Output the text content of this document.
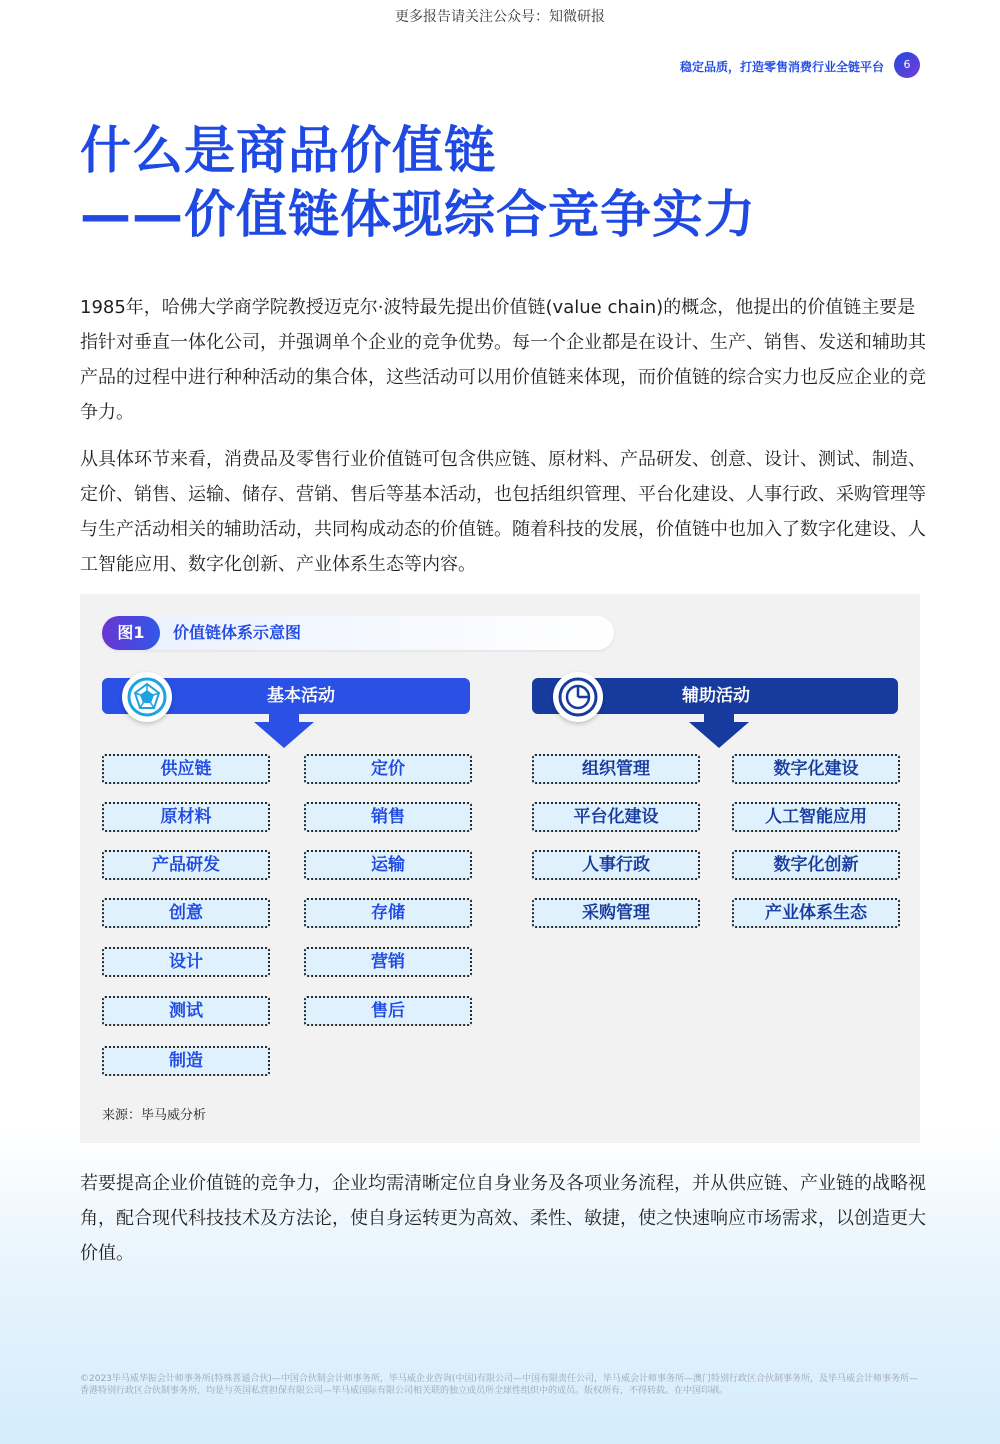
更多报告请关注公众号：知微研报
稳定品质，打造零售消费行业全链平台	6
什么是商品价值链
——价值链体现综合竞争实力

1985年，哈佛大学商学院教授迈克尔·波特最先提出价值链(value chain)的概念，他提出的价值链主要是指针对垂直一体化公司，并强调单个企业的竞争优势。每一个企业都是在设计、生产、销售、发送和辅助其产品的过程中进行种种活动的集合体，这些活动可以用价值链来体现，而价值链的综合实力也反应企业的竞争力。

从具体环节来看，消费品及零售行业价值链可包含供应链、原材料、产品研发、创意、设计、测试、制造、定价、销售、运输、储存、营销、售后等基本活动，也包括组织管理、平台化建设、人事行政、采购管理等与生产活动相关的辅助活动，共同构成动态的价值链。随着科技的发展，价值链中也加入了数字化建设、人工智能应用、数字化创新、产业体系生态等内容。

图1	价值链体系示意图
基本活动	辅助活动
供应链
原材料
产品研发
创意
设计
测试
制造
定价
销售
运输
存储
营销
售后
组织管理
平台化建设
人事行政
采购管理
数字化建设
人工智能应用
数字化创新
产业体系生态
来源：毕马威分析

若要提高企业价值链的竞争力，企业均需清晰定位自身业务及各项业务流程，并从供应链、产业链的战略视角，配合现代科技技术及方法论，使自身运转更为高效、柔性、敏捷，使之快速响应市场需求，以创造更大价值。

©2023毕马威华振会计师事务所(特殊普通合伙)—中国合伙制会计师事务所，毕马威企业咨询(中国)有限公司—中国有限责任公司，毕马威会计师事务所—澳门特别行政区合伙制事务所，及毕马威会计师事务所—香港特别行政区合伙制事务所，均是与英国私营担保有限公司—毕马威国际有限公司相关联的独立成员所全球性组织中的成员。版权所有，不得转载。在中国印刷。
